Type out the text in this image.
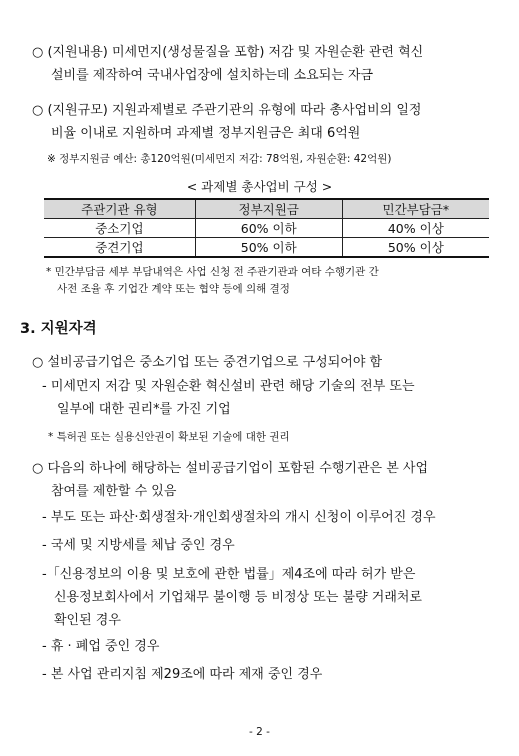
○ (지원내용) 미세먼지(생성물질을 포함) 저감 및 자원순환 관련 혁신
설비를 제작하여 국내사업장에 설치하는데 소요되는 자금
○ (지원규모) 지원과제별로 주관기관의 유형에 따라 총사업비의 일정
비율 이내로 지원하며 과제별 정부지원금은 최대 6억원
※ 정부지원금 예산: 총120억원(미세먼지 저감: 78억원, 자원순환: 42억원)
< 과제별 총사업비 구성 >
주관기관 유형	정부지원금	민간부담금*
중소기업	60% 이하	40% 이상
중견기업	50% 이하	50% 이상
* 민간부담금 세부 부담내역은 사업 신청 전 주관기관과 여타 수행기관 간
사전 조율 후 기업간 계약 또는 협약 등에 의해 결정
3. 지원자격
○ 설비공급기업은 중소기업 또는 중견기업으로 구성되어야 함
- 미세먼지 저감 및 자원순환 혁신설비 관련 해당 기술의 전부 또는
일부에 대한 권리*를 가진 기업
* 특허권 또는 실용신안권이 확보된 기술에 대한 권리
○ 다음의 하나에 해당하는 설비공급기업이 포함된 수행기관은 본 사업
참여를 제한할 수 있음
- 부도 또는 파산·회생절차·개인회생절차의 개시 신청이 이루어진 경우
- 국세 및 지방세를 체납 중인 경우
-「신용정보의 이용 및 보호에 관한 법률」제4조에 따라 허가 받은
신용정보회사에서 기업채무 불이행 등 비정상 또는 불량 거래처로
확인된 경우
- 휴 · 폐업 중인 경우
- 본 사업 관리지침 제29조에 따라 제재 중인 경우
- 2 -
